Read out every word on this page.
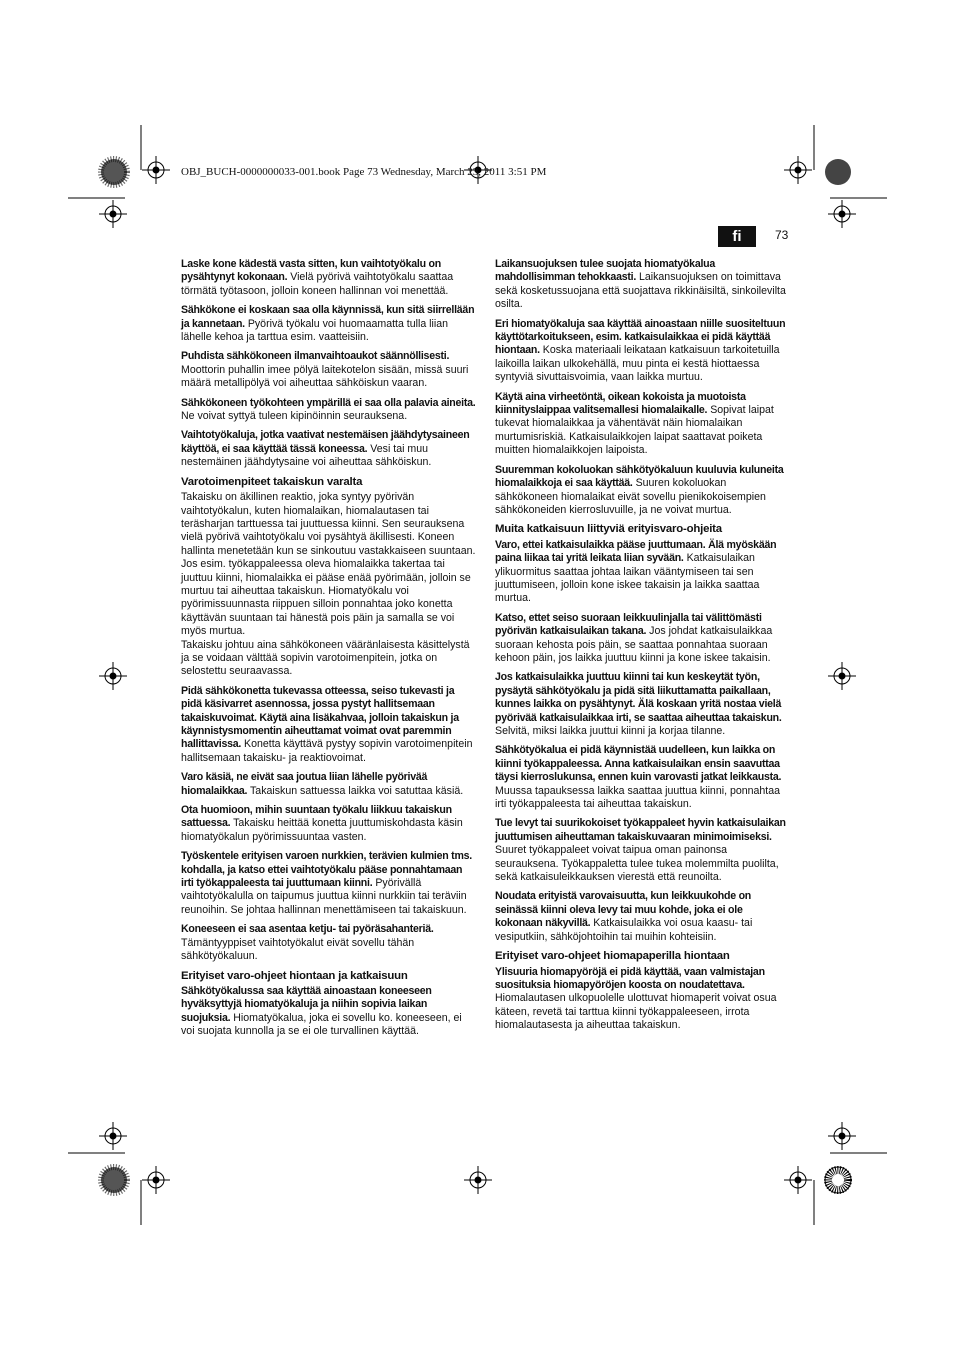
OBJ_BUCH-0000000033-001.book Page 73 Wednesday, March 23, 2011 3:51 PM
fi	73

Laske kone kädestä vasta sitten, kun vaihtotyökalu on pysähtynyt kokonaan. Vielä pyörivä vaihtotyökalu saattaa törmätä työtasoon, jolloin koneen hallinnan voi menettää.

Sähkökone ei koskaan saa olla käynnissä, kun sitä siirrellään ja kannetaan. Pyörivä työkalu voi huomaamatta tulla liian lähelle kehoa ja tarttua esim. vaatteisiin.

Puhdista sähkökoneen ilmanvaihtoaukot säännöllisesti. Moottorin puhallin imee pölyä laitekotelon sisään, missä suuri määrä metallipölyä voi aiheuttaa sähköiskun vaaran.

Sähkökoneen työkohteen ympärillä ei saa olla palavia aineita. Ne voivat syttyä tuleen kipinöinnin seurauksena.

Vaihtotyökaluja, jotka vaativat nestemäisen jäähdytysaineen käyttöä, ei saa käyttää tässä koneessa. Vesi tai muu nestemäinen jäähdytysaine voi aiheuttaa sähköiskun.

Varotoimenpiteet takaiskun varalta

Takaisku on äkillinen reaktio, joka syntyy pyörivän vaihtotyökalun, kuten hiomalaikan, hiomalautasen tai teräsharjan tarttuessa tai juuttuessa kiinni. Sen seurauksena vielä pyörivä vaihtotyökalu voi pysähtyä äkillisesti. Koneen hallinta menetetään kun se sinkoutuu vastakkaiseen suuntaan.

Jos esim. työkappaleessa oleva hiomalaikka takertaa tai juuttuu kiinni, hiomalaikka ei pääse enää pyörimään, jolloin se murtuu tai aiheuttaa takaiskun. Hiomatyökalu voi pyörimissuunnasta riippuen silloin ponnahtaa joko konetta käyttävän suuntaan tai hänestä pois päin ja samalla se voi myös murtua.

Takaisku johtuu aina sähkökoneen vääränlaisesta käsittelystä ja se voidaan välttää sopivin varotoimenpitein, jotka on selostettu seuraavassa.

Pidä sähkökonetta tukevassa otteessa, seiso tukevasti ja pidä käsivarret asennossa, jossa pystyt hallitsemaan takaiskuvoimat. Käytä aina lisäkahvaa, jolloin takaiskun ja käynnistysmomentin aiheuttamat voimat ovat paremmin hallittavissa. Konetta käyttävä pystyy sopivin varotoimenpitein hallitsemaan takaisku- ja reaktiovoimat.

Varo käsiä, ne eivät saa joutua liian lähelle pyörivää hiomalaikkaa. Takaiskun sattuessa laikka voi satuttaa käsiä.

Ota huomioon, mihin suuntaan työkalu liikkuu takaiskun sattuessa. Takaisku heittää konetta juuttumiskohdasta käsin hiomatyökalun pyörimissuuntaa vasten.

Työskentele erityisen varoen nurkkien, terävien kulmien tms. kohdalla, ja katso ettei vaihtotyökalu pääse ponnahtamaan irti työkappaleesta tai juuttumaan kiinni. Pyörivällä vaihtotyökalulla on taipumus juuttua kiinni nurkkiin tai teräviin reunoihin. Se johtaa hallinnan menettämiseen tai takaiskuun.

Koneeseen ei saa asentaa ketju- tai pyöräsahanteriä. Tämäntyyppiset vaihtotyökalut eivät sovellu tähän sähkötyökaluun.

Erityiset varo-ohjeet hiontaan ja katkaisuun

Sähkötyökalussa saa käyttää ainoastaan koneeseen hyväksyttyjä hiomatyökaluja ja niihin sopivia laikan suojuksia. Hiomatyökalua, joka ei sovellu ko. koneeseen, ei voi suojata kunnolla ja se ei ole turvallinen käyttää.

Laikansuojuksen tulee suojata hiomatyökalua mahdollisimman tehokkaasti. Laikansuojuksen on toimittava sekä kosketussuojana että suojattava rikkinäisiltä, sinkoilevilta osilta.

Eri hiomatyökaluja saa käyttää ainoastaan niille suositeltuun käyttötarkoitukseen, esim. katkaisulaikkaa ei pidä käyttää hiontaan. Koska materiaali leikataan katkaisuun tarkoitetuilla laikoilla laikan ulkokehällä, muu pinta ei kestä hiottaessa syntyviä sivuttaisvoimia, vaan laikka murtuu.

Käytä aina virheetöntä, oikean kokoista ja muotoista kiinnityslaippaa valitsemallesi hiomalaikalle. Sopivat laipat tukevat hiomalaikkaa ja vähentävät näin hiomalaikan murtumisriskiä. Katkaisulaikkojen laipat saattavat poiketa muitten hiomalaikkojen laipoista.

Suuremman kokoluokan sähkötyökaluun kuuluvia kuluneita hiomalaikkoja ei saa käyttää. Suuren kokoluokan sähkökoneen hiomalaikat eivät sovellu pienikokoisempien sähkökoneiden kierrosluvuille, ja ne voivat murtua.

Muita katkaisuun liittyviä erityisvaro-ohjeita

Varo, ettei katkaisulaikka pääse juuttumaan. Älä myöskään paina liikaa tai yritä leikata liian syvään. Katkaisulaikan ylikuormitus saattaa johtaa laikan vääntymiseen tai sen juuttumiseen, jolloin kone iskee takaisin ja laikka saattaa murtua.

Katso, ettet seiso suoraan leikkuulinjalla tai välittömästi pyörivän katkaisulaikan takana. Jos johdat katkaisulaikkaa suoraan kehosta pois päin, se saattaa ponnahtaa suoraan kehoon päin, jos laikka juuttuu kiinni ja kone iskee takaisin.

Jos katkaisulaikka juuttuu kiinni tai kun keskeytät työn, pysäytä sähkötyökalu ja pidä sitä liikuttamatta paikallaan, kunnes laikka on pysähtynyt. Älä koskaan yritä nostaa vielä pyörivää katkaisulaikkaa irti, se saattaa aiheuttaa takaiskun. Selvitä, miksi laikka juuttui kiinni ja korjaa tilanne.

Sähkötyökalua ei pidä käynnistää uudelleen, kun laikka on kiinni työkappaleessa. Anna katkaisulaikan ensin saavuttaa täysi kierroslukunsa, ennen kuin varovasti jatkat leikkausta. Muussa tapauksessa laikka saattaa juuttua kiinni, ponnahtaa irti työkappaleesta tai aiheuttaa takaiskun.

Tue levyt tai suurikokoiset työkappaleet hyvin katkaisulaikan juuttumisen aiheuttaman takaiskuvaaran minimoimiseksi. Suuret työkappaleet voivat taipua oman painonsa seurauksena. Työkappaletta tulee tukea molemmilta puolilta, sekä katkaisuleikkauksen vierestä että reunoilta.

Noudata erityistä varovaisuutta, kun leikkuukohde on seinässä kiinni oleva levy tai muu kohde, joka ei ole kokonaan näkyvillä. Katkaisulaikka voi osua kaasu- tai vesiputkiin, sähköjohtoihin tai muihin kohteisiin.

Erityiset varo-ohjeet hiomapaperilla hiontaan

Ylisuuria hiomapyöröjä ei pidä käyttää, vaan valmistajan suosituksia hiomapyöröjen koosta on noudatettava. Hiomalautasen ulkopuolelle ulottuvat hiomaperit voivat osua käteen, revetä tai tarttua kiinni työkappaleeseen, irrota hiomalautasesta ja aiheuttaa takaiskun.
